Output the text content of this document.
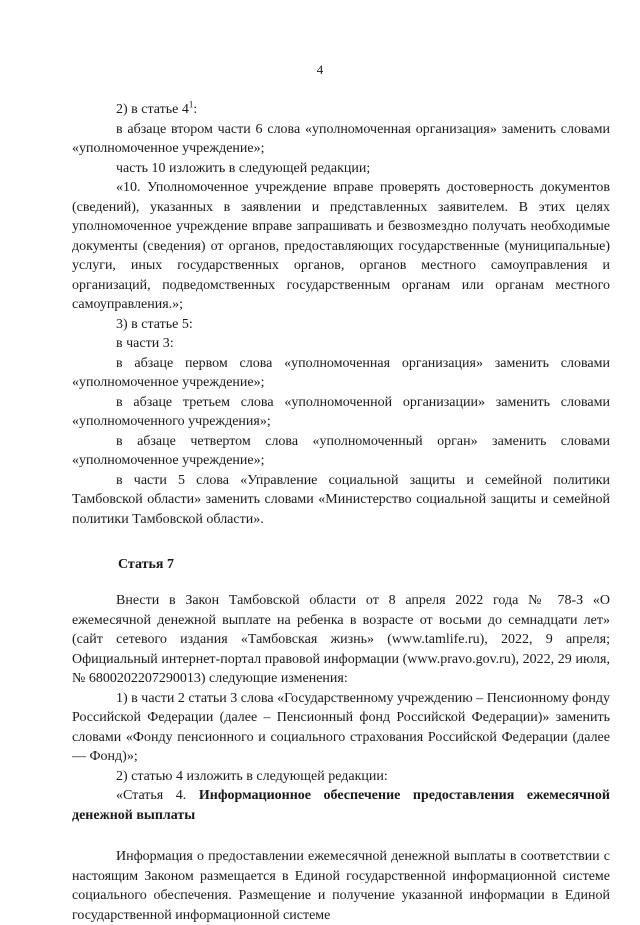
4

2) в статье $4^1$:

в абзаце втором части 6 слова «уполномоченная организация» заменить словами «уполномоченное учреждение»;

часть 10 изложить в следующей редакции;

«10. Уполномоченное учреждение вправе проверять достоверность документов (сведений), указанных в заявлении и представленных заявителем. В этих целях уполномоченное учреждение вправе запрашивать и безвозмездно получать необходимые документы (сведения) от органов, предоставляющих государственные (муниципальные) услуги, иных государственных органов, органов местного самоуправления и организаций, подведомственных государственным органам или органам местного самоуправления.»;

3) в статье 5:

в части 3:

в абзаце первом слова «уполномоченная организация» заменить словами «уполномоченное учреждение»;

в абзаце третьем слова «уполномоченной организации» заменить словами «уполномоченного учреждения»;

в абзаце четвертом слова «уполномоченный орган» заменить словами «уполномоченное учреждение»;

в части 5 слова «Управление социальной защиты и семейной политики Тамбовской области» заменить словами «Министерство социальной защиты и семейной политики Тамбовской области».

Статья 7

Внести в Закон Тамбовской области от 8 апреля 2022 года № 78-З «О ежемесячной денежной выплате на ребенка в возрасте от восьми до семнадцати лет» (сайт сетевого издания «Тамбовская жизнь» (www.tamlife.ru), 2022, 9 апреля; Официальный интернет-портал правовой информации (www.pravo.gov.ru), 2022, 29 июля, № 6800202207290013) следующие изменения:

1) в части 2 статьи 3 слова «Государственному учреждению – Пенсионному фонду Российской Федерации (далее – Пенсионный фонд Российской Федерации)» заменить словами «Фонду пенсионного и социального страхования Российской Федерации (далее — Фонд)»;

2) статью 4 изложить в следующей редакции:

«Статья 4. Информационное обеспечение предоставления ежемесячной денежной выплаты

Информация о предоставлении ежемесячной денежной выплаты в соответствии с настоящим Законом размещается в Единой государственной информационной системе социального обеспечения. Размещение и получение указанной информации в Единой государственной информационной системе
